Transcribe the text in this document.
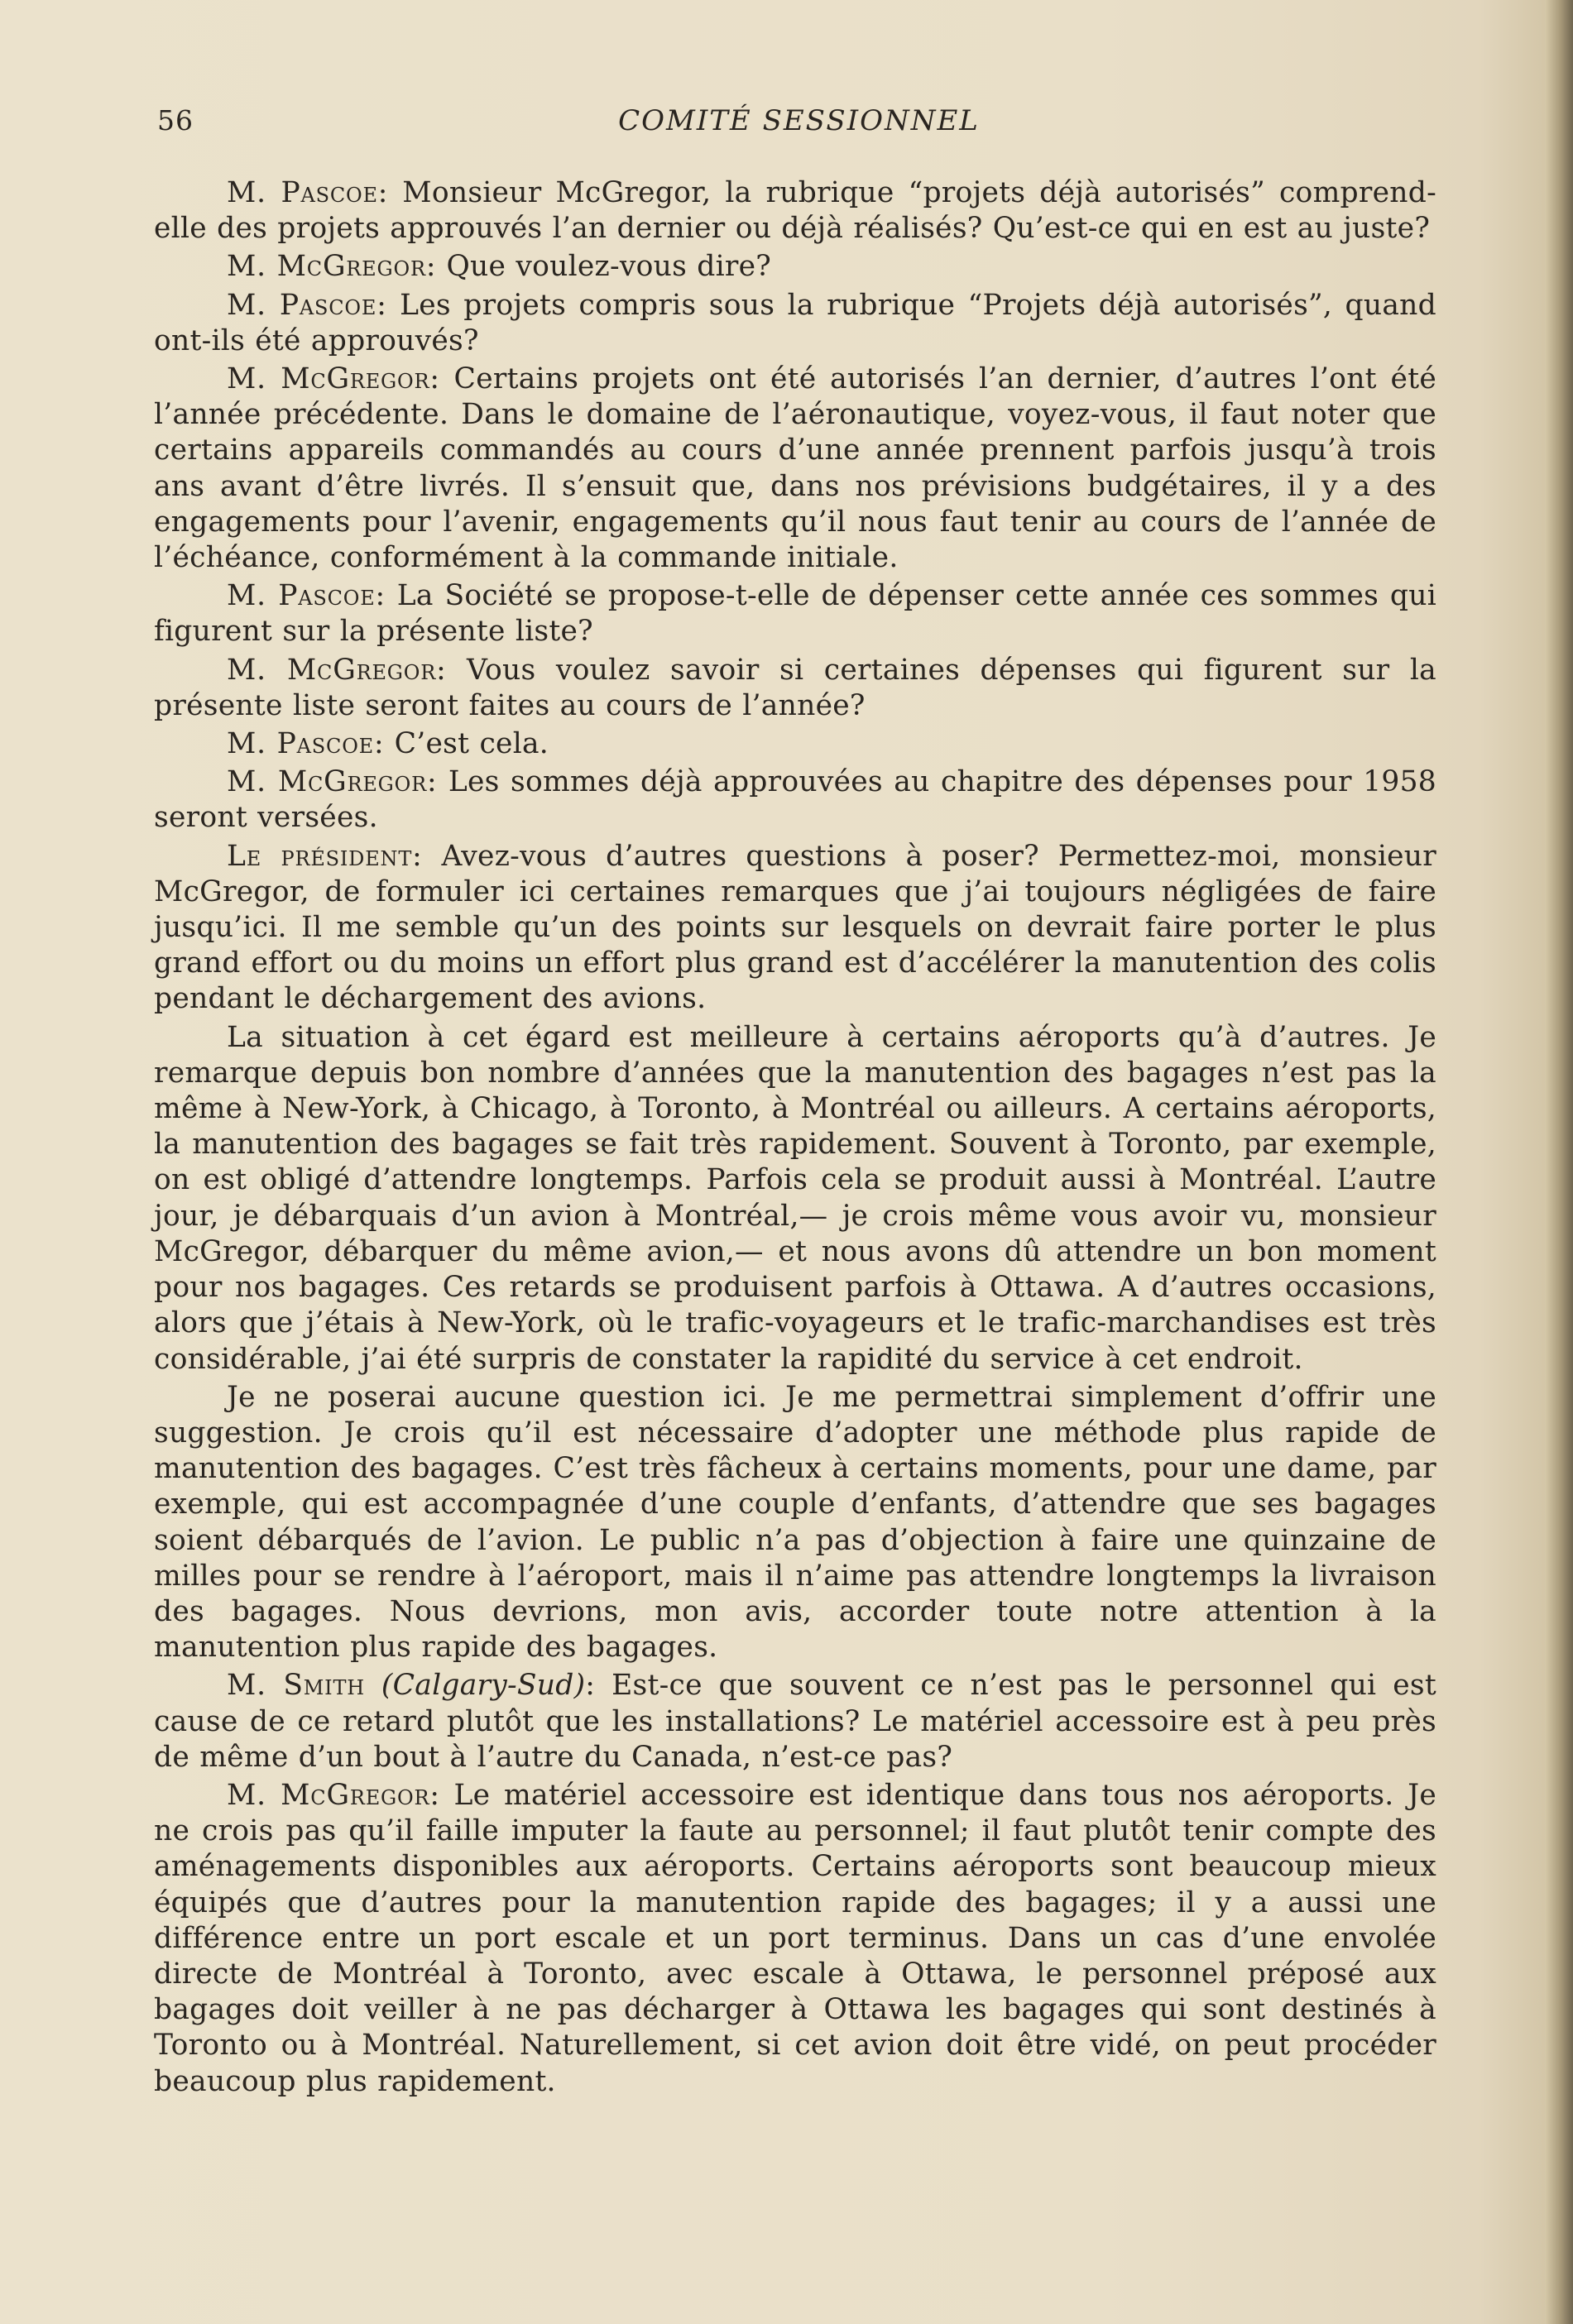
56	COMITÉ SESSIONNEL

M. Pascoe: Monsieur McGregor, la rubrique “projets déjà autorisés” comprend-elle des projets approuvés l’an dernier ou déjà réalisés? Qu’est-ce qui en est au juste?

M. McGregor: Que voulez-vous dire?

M. Pascoe: Les projets compris sous la rubrique “Projets déjà autorisés”, quand ont-ils été approuvés?

M. McGregor: Certains projets ont été autorisés l’an dernier, d’autres l’ont été l’année précédente. Dans le domaine de l’aéronautique, voyez-vous, il faut noter que certains appareils commandés au cours d’une année prennent parfois jusqu’à trois ans avant d’être livrés. Il s’ensuit que, dans nos prévisions budgétaires, il y a des engagements pour l’avenir, engagements qu’il nous faut tenir au cours de l’année de l’échéance, conformément à la commande initiale.

M. Pascoe: La Société se propose-t-elle de dépenser cette année ces sommes qui figurent sur la présente liste?

M. McGregor: Vous voulez savoir si certaines dépenses qui figurent sur la présente liste seront faites au cours de l’année?

M. Pascoe: C’est cela.

M. McGregor: Les sommes déjà approuvées au chapitre des dépenses pour 1958 seront versées.

Le président: Avez-vous d’autres questions à poser? Permettez-moi, monsieur McGregor, de formuler ici certaines remarques que j’ai toujours négligées de faire jusqu’ici. Il me semble qu’un des points sur lesquels on devrait faire porter le plus grand effort ou du moins un effort plus grand est d’accélérer la manutention des colis pendant le déchargement des avions.

La situation à cet égard est meilleure à certains aéroports qu’à d’autres. Je remarque depuis bon nombre d’années que la manutention des bagages n’est pas la même à New-York, à Chicago, à Toronto, à Montréal ou ailleurs. A certains aéroports, la manutention des bagages se fait très rapidement. Souvent à Toronto, par exemple, on est obligé d’attendre longtemps. Parfois cela se produit aussi à Montréal. L’autre jour, je débarquais d’un avion à Montréal,— je crois même vous avoir vu, monsieur McGregor, débarquer du même avion,— et nous avons dû attendre un bon moment pour nos bagages. Ces retards se produisent parfois à Ottawa. A d’autres occasions, alors que j’étais à New-York, où le trafic-voyageurs et le trafic-marchandises est très considérable, j’ai été surpris de constater la rapidité du service à cet endroit.

Je ne poserai aucune question ici. Je me permettrai simplement d’offrir une suggestion. Je crois qu’il est nécessaire d’adopter une méthode plus rapide de manutention des bagages. C’est très fâcheux à certains moments, pour une dame, par exemple, qui est accompagnée d’une couple d’enfants, d’attendre que ses bagages soient débarqués de l’avion. Le public n’a pas d’objection à faire une quinzaine de milles pour se rendre à l’aéroport, mais il n’aime pas attendre longtemps la livraison des bagages. Nous devrions, mon avis, accorder toute notre attention à la manutention plus rapide des bagages.

M. Smith (Calgary-Sud): Est-ce que souvent ce n’est pas le personnel qui est cause de ce retard plutôt que les installations? Le matériel accessoire est à peu près de même d’un bout à l’autre du Canada, n’est-ce pas?

M. McGregor: Le matériel accessoire est identique dans tous nos aéroports. Je ne crois pas qu’il faille imputer la faute au personnel; il faut plutôt tenir compte des aménagements disponibles aux aéroports. Certains aéroports sont beaucoup mieux équipés que d’autres pour la manutention rapide des bagages; il y a aussi une différence entre un port escale et un port terminus. Dans un cas d’une envolée directe de Montréal à Toronto, avec escale à Ottawa, le personnel préposé aux bagages doit veiller à ne pas décharger à Ottawa les bagages qui sont destinés à Toronto ou à Montréal. Naturellement, si cet avion doit être vidé, on peut procéder beaucoup plus rapidement.
